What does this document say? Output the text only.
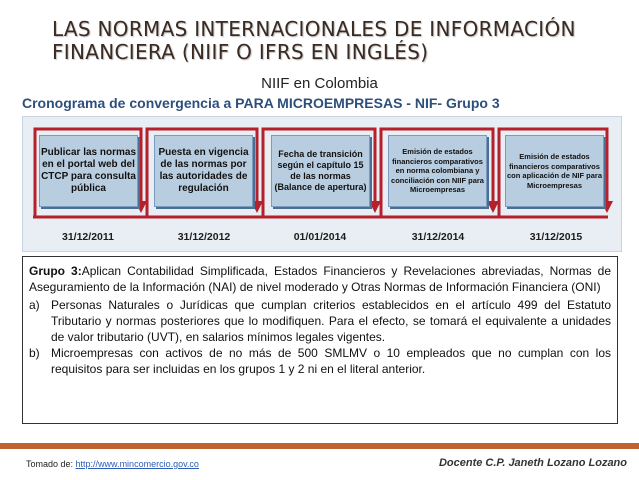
LAS NORMAS INTERNACIONALES DE INFORMACIÓN FINANCIERA (NIIF O IFRS EN INGLÉS)
NIIF en Colombia
Cronograma de convergencia a PARA MICROEMPRESAS - NIF- Grupo 3
Publicar las normas en el portal web del CTCP para consulta pública
Puesta en vigencia de las normas por las autoridades de regulación
Fecha de transición según el capítulo 15 de las normas (Balance de apertura)
Emisión de estados financieros comparativos en norma colombiana y conciliación con NIIF para Microempresas
Emisión de estados financieros comparativos con aplicación de NIF para Microempresas
31/12/2011	31/12/2012	01/01/2014	31/12/2014	31/12/2015

Grupo 3:Aplican Contabilidad Simplificada, Estados Financieros y Revelaciones abreviadas, Normas de Aseguramiento de la Información (NAI) de nivel moderado y Otras Normas de Información Financiera (ONI)

a) Personas Naturales o Jurídicas que cumplan criterios establecidos en el artículo 499 del Estatuto Tributario y normas posteriores que lo modifiquen. Para el efecto, se tomará el equivalente a unidades de valor tributario (UVT), en salarios mínimos legales vigentes.
b) Microempresas con activos de no más de 500 SMLMV o 10 empleados que no cumplan con los requisitos para ser incluidas en los grupos 1 y 2 ni en el literal anterior.
Tomado de: http://www.mincomercio.gov.co	Docente C.P. Janeth Lozano Lozano
